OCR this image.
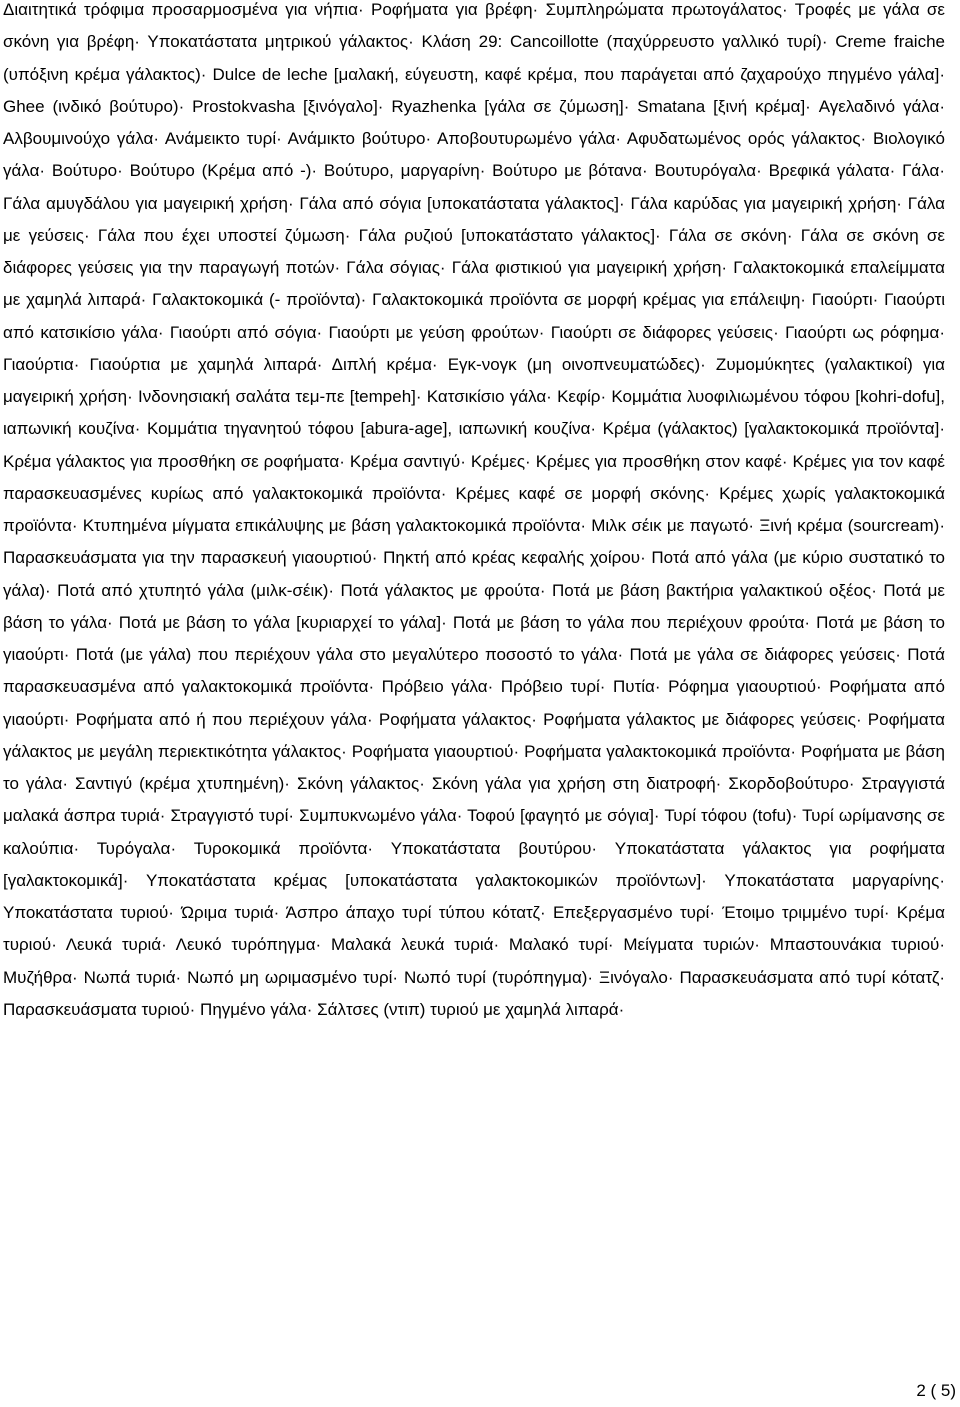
Διαιτητικά τρόφιμα προσαρμοσμένα για νήπια· Ροφήματα για βρέφη· Συμπληρώματα πρωτογάλατος· Τροφές με γάλα σε σκόνη για βρέφη· Υποκατάστατα μητρικού γάλακτος· Κλάση 29: Cancoillotte (παχύρρευστο γαλλικό τυρί)· Creme fraiche (υπόξινη κρέμα γάλακτος)· Dulce de leche [μαλακή, εύγευστη, καφέ κρέμα, που παράγεται από ζαχαρούχο πηγμένο γάλα]· Ghee (ινδικό βούτυρο)· Prostokvasha [ξινόγαλο]· Ryazhenka [γάλα σε ζύμωση]· Smatana [ξινή κρέμα]· Αγελαδινό γάλα· Αλβουμινούχο γάλα· Ανάμεικτο τυρί· Ανάμικτο βούτυρο· Αποβουτυρωμένο γάλα· Αφυδατωμένος ορός γάλακτος· Βιολογικό γάλα· Βούτυρο· Βούτυρο (Κρέμα από -)· Βούτυρο, μαργαρίνη· Βούτυρο με βότανα· Βουτυρόγαλα· Βρεφικά γάλατα· Γάλα· Γάλα αμυγδάλου για μαγειρική χρήση· Γάλα από σόγια [υποκατάστατα γάλακτος]· Γάλα καρύδας για μαγειρική χρήση· Γάλα με γεύσεις· Γάλα που έχει υποστεί ζύμωση· Γάλα ρυζιού [υποκατάστατο γάλακτος]· Γάλα σε σκόνη· Γάλα σε σκόνη σε διάφορες γεύσεις για την παραγωγή ποτών· Γάλα σόγιας· Γάλα φιστικιού για μαγειρική χρήση· Γαλακτοκομικά επαλείμματα με χαμηλά λιπαρά· Γαλακτοκομικά (- προϊόντα)· Γαλακτοκομικά προϊόντα σε μορφή κρέμας για επάλειψη· Γιαούρτι· Γιαούρτι από κατσικίσιο γάλα· Γιαούρτι από σόγια· Γιαούρτι με γεύση φρούτων· Γιαούρτι σε διάφορες γεύσεις· Γιαούρτι ως ρόφημα· Γιαούρτια· Γιαούρτια με χαμηλά λιπαρά· Διπλή κρέμα· Εγκ-νογκ (μη οινοπνευματώδες)· Ζυμομύκητες (γαλακτικοί) για μαγειρική χρήση· Ινδονησιακή σαλάτα τεμ-πε [tempeh]· Κατσικίσιο γάλα· Κεφίρ· Κομμάτια λυοφιλιωμένου τόφου [kohri-dofu], ιαπωνική κουζίνα· Κομμάτια τηγανητού τόφου [abura-age], ιαπωνική κουζίνα· Κρέμα (γάλακτος) [γαλακτοκομικά προϊόντα]· Κρέμα γάλακτος για προσθήκη σε ροφήματα· Κρέμα σαντιγύ· Κρέμες· Κρέμες για προσθήκη στον καφέ· Κρέμες για τον καφέ παρασκευασμένες κυρίως από γαλακτοκομικά προϊόντα· Κρέμες καφέ σε μορφή σκόνης· Κρέμες χωρίς γαλακτοκομικά προϊόντα· Κτυπημένα μίγματα επικάλυψης με βάση γαλακτοκομικά προϊόντα· Μιλκ σέικ με παγωτό· Ξινή κρέμα (sourcream)· Παρασκευάσματα για την παρασκευή γιαουρτιού· Πηκτή από κρέας κεφαλής χοίρου· Ποτά από γάλα (με κύριο συστατικό το γάλα)· Ποτά από χτυπητό γάλα (μιλκ-σέικ)· Ποτά γάλακτος με φρούτα· Ποτά με βάση βακτήρια γαλακτικού οξέος· Ποτά με βάση το γάλα· Ποτά με βάση το γάλα [κυριαρχεί το γάλα]· Ποτά με βάση το γάλα που περιέχουν φρούτα· Ποτά με βάση το γιαούρτι· Ποτά (με γάλα) που περιέχουν γάλα στο μεγαλύτερο ποσοστό το γάλα· Ποτά με γάλα σε διάφορες γεύσεις· Ποτά παρασκευασμένα από γαλακτοκομικά προϊόντα· Πρόβειο γάλα· Πρόβειο τυρί· Πυτία· Ρόφημα γιαουρτιού· Ροφήματα από γιαούρτι· Ροφήματα από ή που περιέχουν γάλα· Ροφήματα γάλακτος· Ροφήματα γάλακτος με διάφορες γεύσεις· Ροφήματα γάλακτος με μεγάλη περιεκτικότητα γάλακτος· Ροφήματα γιαουρτιού· Ροφήματα γαλακτοκομικά προϊόντα· Ροφήματα με βάση το γάλα· Σαντιγύ (κρέμα χτυπημένη)· Σκόνη γάλακτος· Σκόνη γάλα για χρήση στη διατροφή· Σκορδοβούτυρο· Στραγγιστά μαλακά άσπρα τυριά· Στραγγιστό τυρί· Συμπυκνωμένο γάλα· Τοφού [φαγητό με σόγια]· Τυρί τόφου (tofu)· Τυρί ωρίμανσης σε καλούπια· Τυρόγαλα· Τυροκομικά προϊόντα· Υποκατάστατα βουτύρου· Υποκατάστατα γάλακτος για ροφήματα [γαλακτοκομικά]· Υποκατάστατα κρέμας [υποκατάστατα γαλακτοκομικών προϊόντων]· Υποκατάστατα μαργαρίνης· Υποκατάστατα τυριού· Ώριμα τυριά· Άσπρο άπαχο τυρί τύπου κότατζ· Επεξεργασμένο τυρί· Έτοιμο τριμμένο τυρί· Κρέμα τυριού· Λευκά τυριά· Λευκό τυρόπηγμα· Μαλακά λευκά τυριά· Μαλακό τυρί· Μείγματα τυριών· Μπαστουνάκια τυριού· Μυζήθρα· Νωπά τυριά· Νωπό μη ωριμασμένο τυρί· Νωπό τυρί (τυρόπηγμα)· Ξινόγαλο· Παρασκευάσματα από τυρί κότατζ· Παρασκευάσματα τυριού· Πηγμένο γάλα· Σάλτσες (ντιπ) τυριού με χαμηλά λιπαρά·

2 ( 5)
